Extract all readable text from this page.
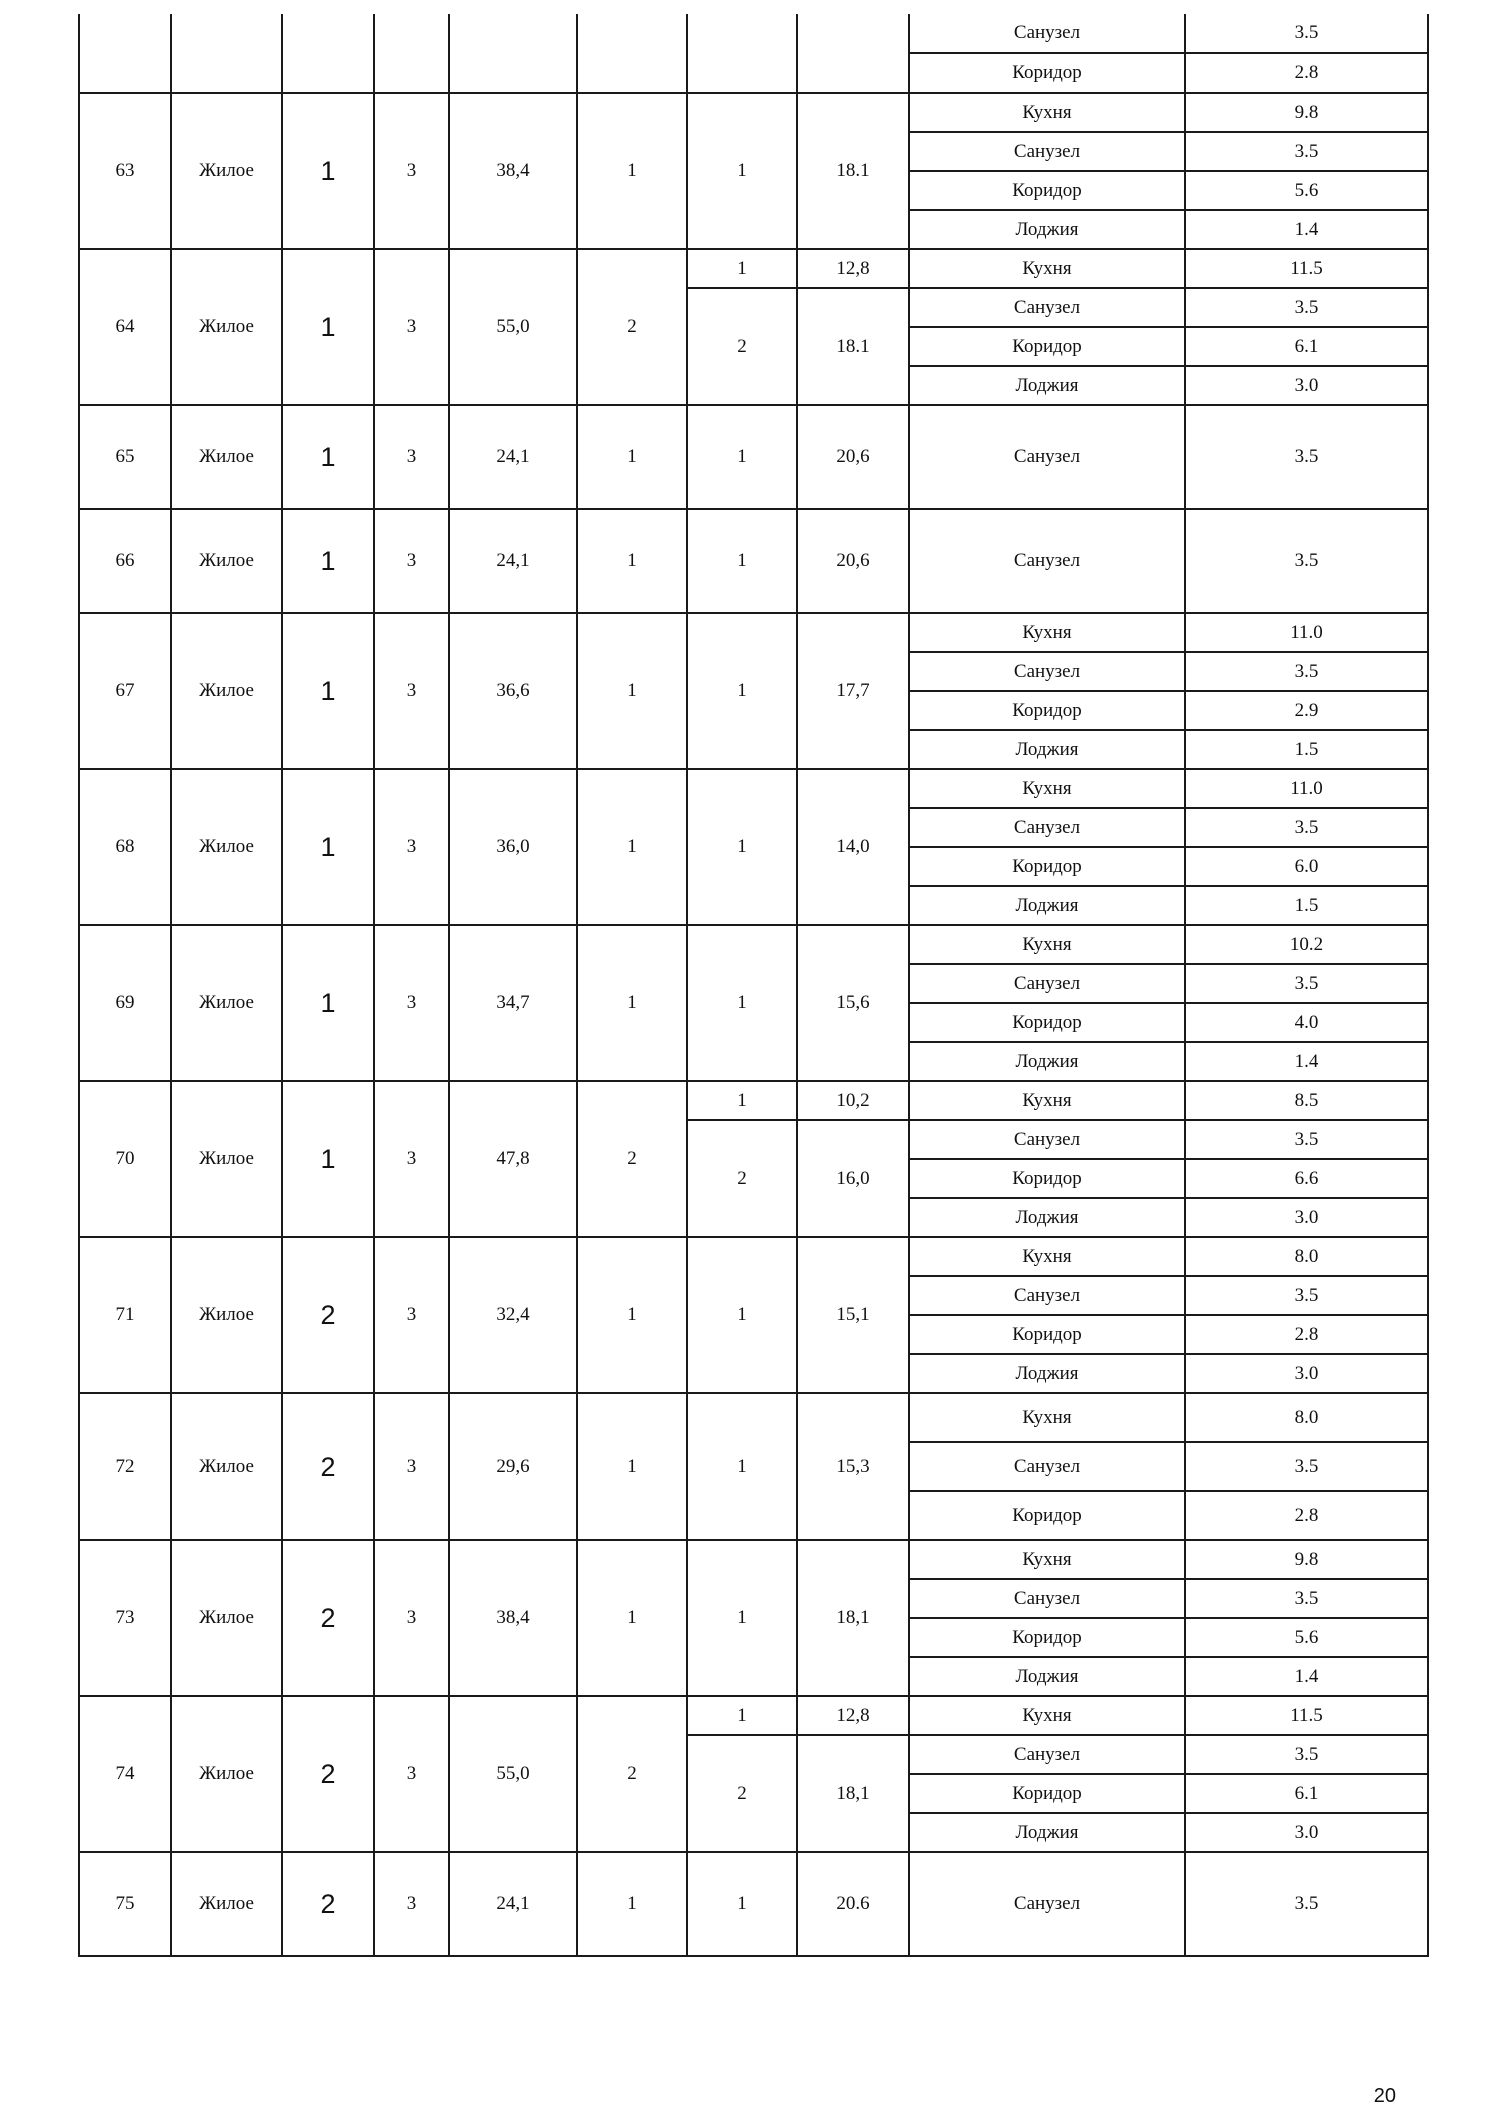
								Санузел	3.5
								Коридор	2.8
63	Жилое	1	3	38,4	1	1	18.1	Кухня	9.8
								Санузел	3.5
								Коридор	5.6
								Лоджия	1.4
64	Жилое	1	3	55,0	2	1	12,8	Кухня	11.5
						2	18.1	Санузел	3.5
								Коридор	6.1
								Лоджия	3.0
65	Жилое	1	3	24,1	1	1	20,6	Санузел	3.5
66	Жилое	1	3	24,1	1	1	20,6	Санузел	3.5
67	Жилое	1	3	36,6	1	1	17,7	Кухня	11.0
								Санузел	3.5
								Коридор	2.9
								Лоджия	1.5
68	Жилое	1	3	36,0	1	1	14,0	Кухня	11.0
								Санузел	3.5
								Коридор	6.0
								Лоджия	1.5
69	Жилое	1	3	34,7	1	1	15,6	Кухня	10.2
								Санузел	3.5
								Коридор	4.0
								Лоджия	1.4
70	Жилое	1	3	47,8	2	1	10,2	Кухня	8.5
						2	16,0	Санузел	3.5
								Коридор	6.6
								Лоджия	3.0
71	Жилое	2	3	32,4	1	1	15,1	Кухня	8.0
								Санузел	3.5
								Коридор	2.8
								Лоджия	3.0
72	Жилое	2	3	29,6	1	1	15,3	Кухня	8.0
								Санузел	3.5
								Коридор	2.8
73	Жилое	2	3	38,4	1	1	18,1	Кухня	9.8
								Санузел	3.5
								Коридор	5.6
								Лоджия	1.4
74	Жилое	2	3	55,0	2	1	12,8	Кухня	11.5
						2	18,1	Санузел	3.5
								Коридор	6.1
								Лоджия	3.0
75	Жилое	2	3	24,1	1	1	20.6	Санузел	3.5
20
